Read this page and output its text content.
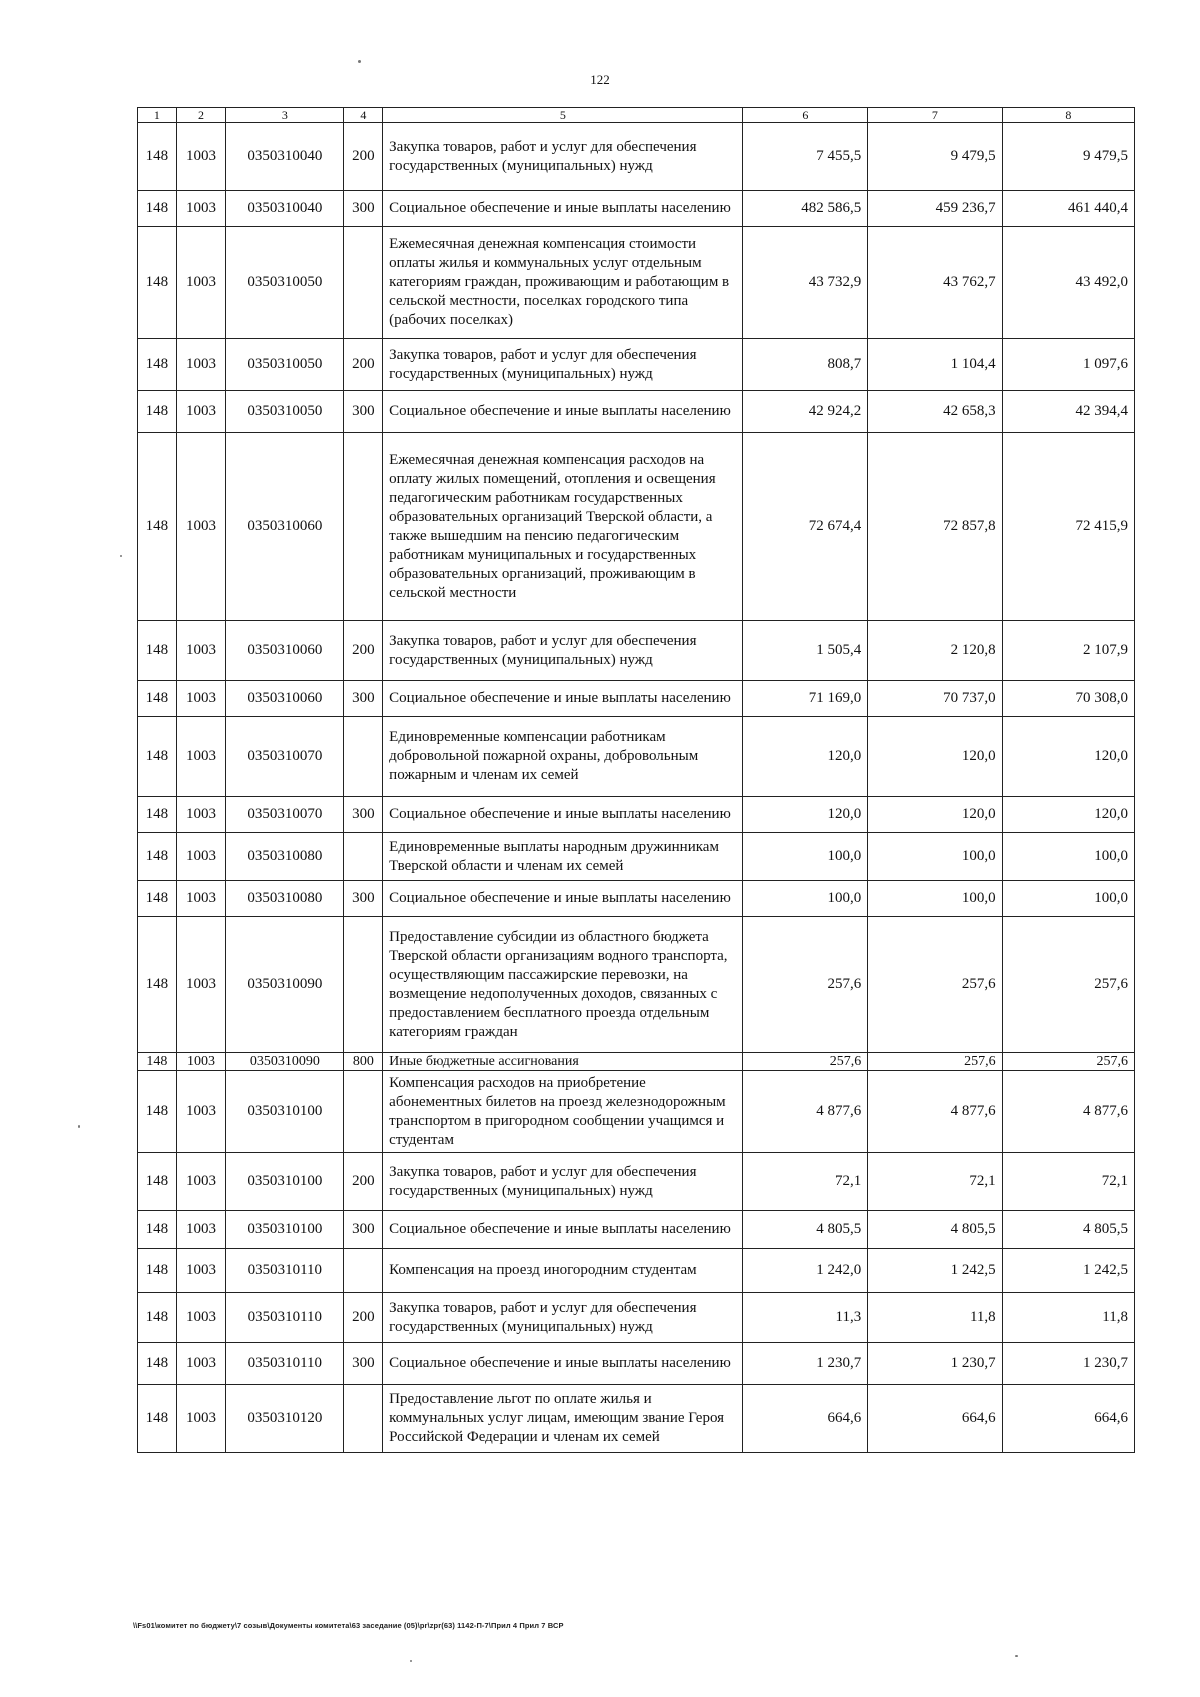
122
1	2	3	4	5	6	7	8
148	1003	0350310040	200	Закупка товаров, работ и услуг для обеспечения государственных (муниципальных) нужд	7 455,5	9 479,5	9 479,5
148	1003	0350310040	300	Социальное обеспечение и иные выплаты населению	482 586,5	459 236,7	461 440,4
148	1003	0350310050		Ежемесячная денежная компенсация стоимости оплаты жилья и коммунальных услуг отдельным категориям граждан, проживающим и работающим в сельской местности, поселках городского типа (рабочих поселках)	43 732,9	43 762,7	43 492,0
148	1003	0350310050	200	Закупка товаров, работ и услуг для обеспечения государственных (муниципальных) нужд	808,7	1 104,4	1 097,6
148	1003	0350310050	300	Социальное обеспечение и иные выплаты населению	42 924,2	42 658,3	42 394,4
148	1003	0350310060		Ежемесячная денежная компенсация расходов на оплату жилых помещений, отопления и освещения педагогическим работникам государственных образовательных организаций Тверской области, а также вышедшим на пенсию педагогическим работникам муниципальных и государственных образовательных организаций, проживающим в сельской местности	72 674,4	72 857,8	72 415,9
148	1003	0350310060	200	Закупка товаров, работ и услуг для обеспечения государственных (муниципальных) нужд	1 505,4	2 120,8	2 107,9
148	1003	0350310060	300	Социальное обеспечение и иные выплаты населению	71 169,0	70 737,0	70 308,0
148	1003	0350310070		Единовременные компенсации работникам добровольной пожарной охраны, добровольным пожарным и членам их семей	120,0	120,0	120,0
148	1003	0350310070	300	Социальное обеспечение и иные выплаты населению	120,0	120,0	120,0
148	1003	0350310080		Единовременные выплаты народным дружинникам Тверской области и членам их семей	100,0	100,0	100,0
148	1003	0350310080	300	Социальное обеспечение и иные выплаты населению	100,0	100,0	100,0
148	1003	0350310090		Предоставление субсидии из областного бюджета Тверской области организациям водного транспорта, осуществляющим пассажирские перевозки, на возмещение недополученных доходов, связанных с предоставлением бесплатного проезда отдельным категориям граждан	257,6	257,6	257,6
148	1003	0350310090	800	Иные бюджетные ассигнования	257,6	257,6	257,6
148	1003	0350310100		Компенсация расходов на приобретение абонементных билетов на проезд железнодорожным транспортом в пригородном сообщении учащимся и студентам	4 877,6	4 877,6	4 877,6
148	1003	0350310100	200	Закупка товаров, работ и услуг для обеспечения государственных (муниципальных) нужд	72,1	72,1	72,1
148	1003	0350310100	300	Социальное обеспечение и иные выплаты населению	4 805,5	4 805,5	4 805,5
148	1003	0350310110		Компенсация на проезд иногородним студентам	1 242,0	1 242,5	1 242,5
148	1003	0350310110	200	Закупка товаров, работ и услуг для обеспечения государственных (муниципальных) нужд	11,3	11,8	11,8
148	1003	0350310110	300	Социальное обеспечение и иные выплаты населению	1 230,7	1 230,7	1 230,7
148	1003	0350310120		Предоставление льгот по оплате жилья и коммунальных услуг лицам, имеющим звание Героя Российской Федерации и членам их семей	664,6	664,6	664,6
\\Fs01\комитет по бюджету\7 созыв\Документы комитета\63 заседание (05)\pr\zpr(63) 1142-П-7\Прил 4 Прил 7 ВСР
